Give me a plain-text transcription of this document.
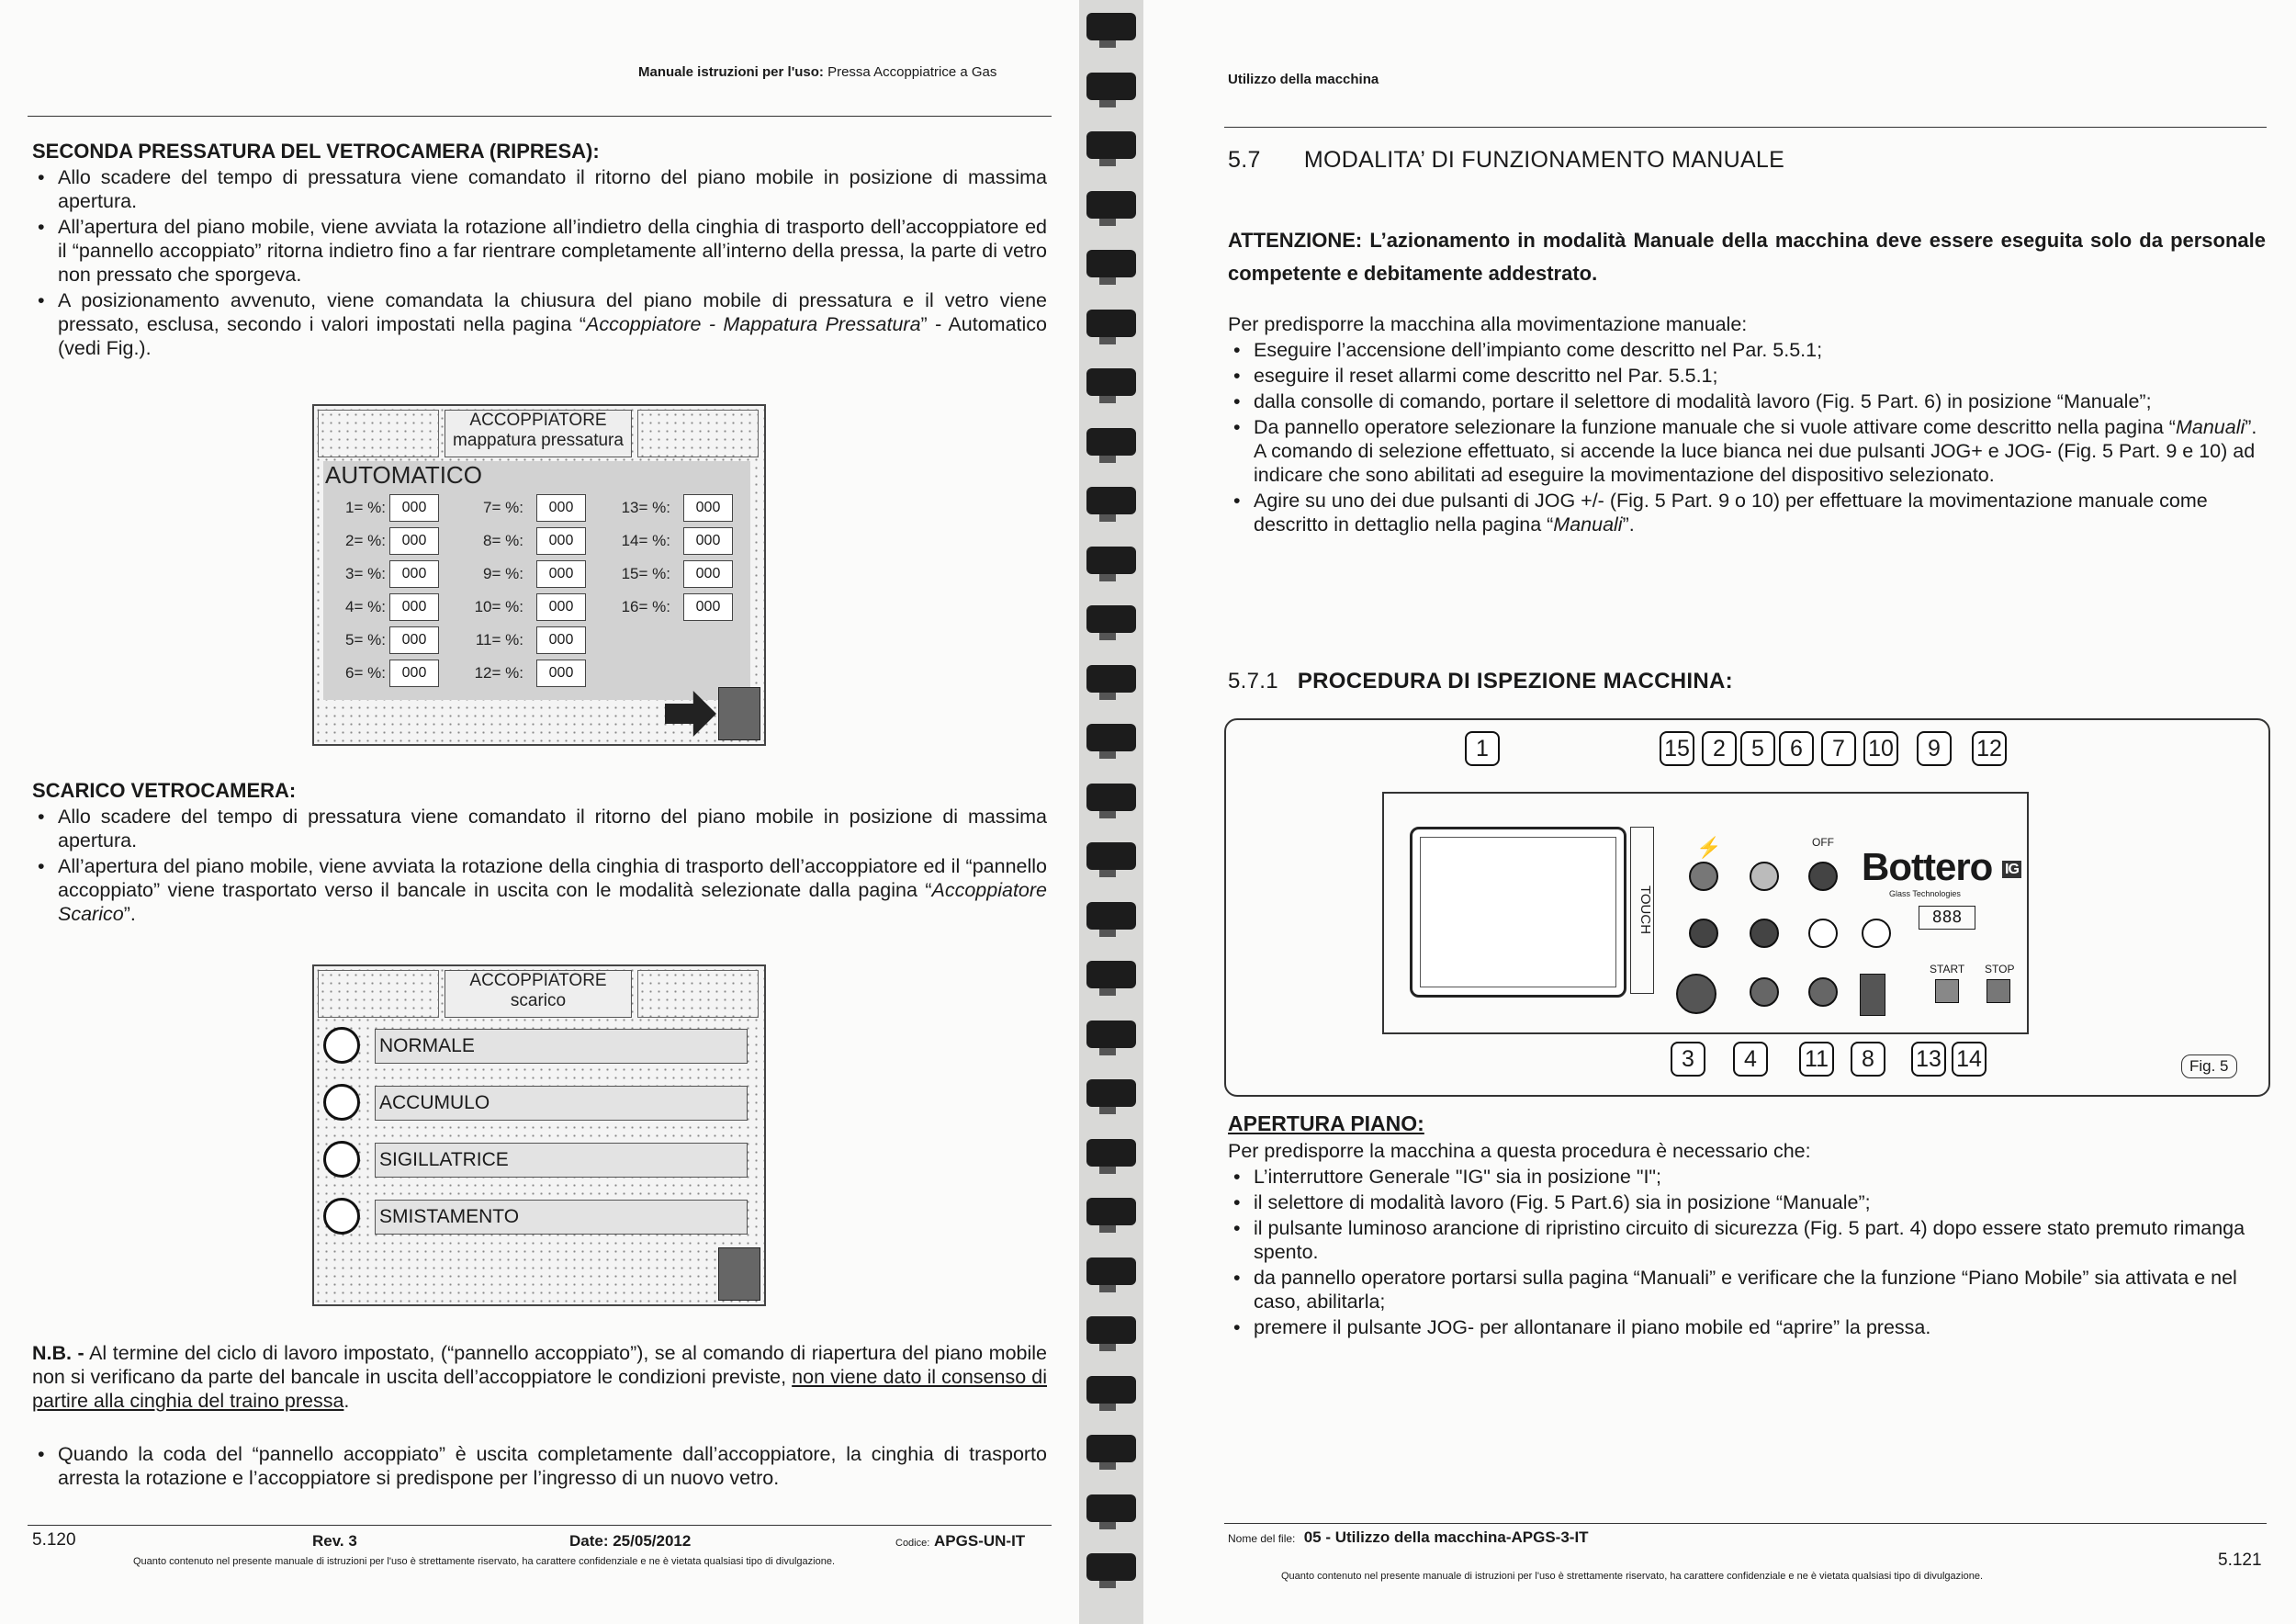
Manuale istruzioni per l'uso: Pressa Accoppiatrice a Gas
SECONDA PRESSATURA DEL VETROCAMERA (RIPRESA):
• Allo scadere del tempo di pressatura viene comandato il ritorno del piano mobile in posizione di massima apertura.
• All’apertura del piano mobile, viene avviata la rotazione all’indietro della cinghia di trasporto dell’accoppiatore ed il “pannello accoppiato” ritorna indietro fino a far rientrare completamente all’interno della pressa, la parte di vetro non pressato che sporgeva.
• A posizionamento avvenuto, viene comandata la chiusura del piano mobile di pressatura e il vetro viene pressato, esclusa, secondo i valori impostati nella pagina “Accoppiatore - Mappatura Pressatura” - Automatico (vedi Fig.).
ACCOPPIATORE
mappatura pressatura
AUTOMATICO
1= %:	000
2= %:	000
3= %:	000
4= %:	000
5= %:	000
6= %:	000
7= %:	000
8= %:	000
9= %:	000
10= %:	000
11= %:	000
12= %:	000
13= %:	000
14= %:	000
15= %:	000
16= %:	000
SCARICO VETROCAMERA:
• Allo scadere del tempo di pressatura viene comandato il ritorno del piano mobile in posizione di massima apertura.
• All’apertura del piano mobile, viene avviata la rotazione della cinghia di trasporto dell’accoppiatore ed il “pannello accoppiato” viene trasportato verso il bancale in uscita con le modalità selezionate dalla pagina “Accoppiatore Scarico”.
ACCOPPIATORE
scarico
NORMALE
ACCUMULO
SIGILLATRICE
SMISTAMENTO
N.B. - Al termine del ciclo di lavoro impostato, (“pannello accoppiato”), se al comando di riapertura del piano mobile non si verificano da parte del bancale in uscita dell’accoppiatore le condizioni previste, non viene dato il consenso di partire alla cinghia del traino pressa.
• Quando la coda del “pannello accoppiato” è uscita completamente dall’accoppiatore, la cinghia di trasporto arresta la rotazione e l’accoppiatore si predispone per l’ingresso di un nuovo vetro.
5.120	Rev. 3	Date: 25/05/2012	Codice: APGS-UN-IT
Quanto contenuto nel presente manuale di istruzioni per l'uso è strettamente riservato, ha carattere confidenziale e ne è vietata qualsiasi tipo di divulgazione.
Utilizzo della macchina
5.7 MODALITA’ DI FUNZIONAMENTO MANUALE
ATTENZIONE: L’azionamento in modalità Manuale della macchina deve essere eseguita solo da personale competente e debitamente addestrato.
Per predisporre la macchina alla movimentazione manuale:
• Eseguire l’accensione dell’impianto come descritto nel Par. 5.5.1;
• eseguire il reset allarmi come descritto nel Par. 5.5.1;
• dalla consolle di comando, portare il selettore di modalità lavoro (Fig. 5 Part. 6) in posizione “Manuale”;
• Da pannello operatore selezionare la funzione manuale che si vuole attivare come descritto nella pagina “Manuali”.
A comando di selezione effettuato, si accende la luce bianca nei due pulsanti JOG+ e JOG- (Fig. 5 Part. 9 e 10) ad indicare che sono abilitati ad eseguire la movimentazione del dispositivo selezionato.
• Agire su uno dei due pulsanti di JOG +/- (Fig. 5 Part. 9 o 10) per effettuare la movimentazione manuale come descritto in dettaglio nella pagina “Manuali”.
5.7.1 PROCEDURA DI ISPEZIONE MACCHINA:
TOUCH
⚡	OFF
Bottero IG
Glass Technologies
888
START STOP
1	15	2	5	6	7	10	9	12
3	4	11	8	13 14	Fig. 5
APERTURA PIANO:
Per predisporre la macchina a questa procedura è necessario che:
• L’interruttore Generale "IG" sia in posizione "I";
• il selettore di modalità lavoro (Fig. 5 Part.6) sia in posizione “Manuale”;
• il pulsante luminoso arancione di ripristino circuito di sicurezza (Fig. 5 part. 4) dopo essere stato premuto rimanga spento.
• da pannello operatore portarsi sulla pagina “Manuali” e verificare che la funzione “Piano Mobile” sia attivata e nel caso, abilitarla;
• premere il pulsante JOG- per allontanare il piano mobile ed “aprire” la pressa.
Nome del file: 05 - Utilizzo della macchina-APGS-3-IT
Quanto contenuto nel presente manuale di istruzioni per l'uso è strettamente riservato, ha carattere confidenziale e ne è vietata qualsiasi tipo di divulgazione.
5.121
